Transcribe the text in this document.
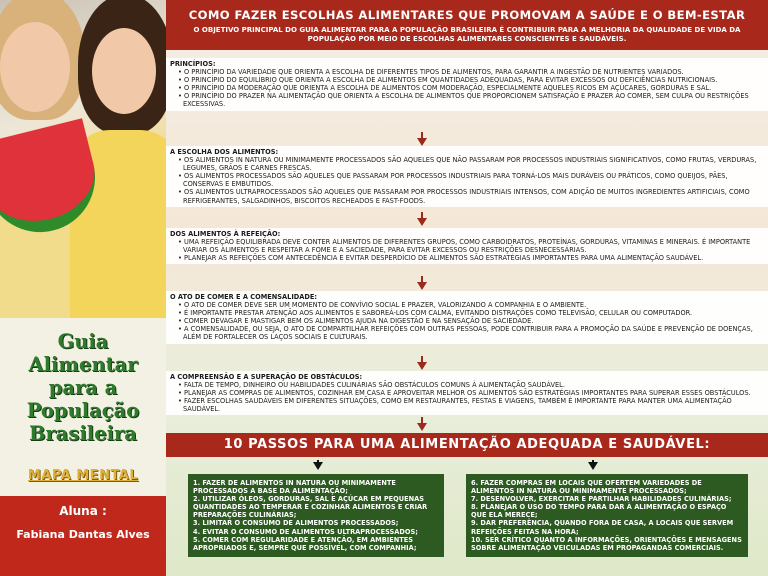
Guia
Alimentar
para a
População
Brasileira
MAPA MENTAL
Aluna :
Fabiana Dantas Alves
COMO FAZER ESCOLHAS ALIMENTARES QUE PROMOVAM A SAÚDE E O BEM-ESTAR
O OBJETIVO PRINCIPAL DO GUIA ALIMENTAR PARA A POPULAÇÃO BRASILEIRA É CONTRIBUIR PARA A MELHORIA DA QUALIDADE DE VIDA DA POPULAÇÃO POR MEIO DE ESCOLHAS ALIMENTARES CONSCIENTES E SAUDÁVEIS.
PRINCÍPIOS:
• O PRINCÍPIO DA VARIEDADE QUE ORIENTA A ESCOLHA DE DIFERENTES TIPOS DE ALIMENTOS, PARA GARANTIR A INGESTÃO DE NUTRIENTES VARIADOS.
• O PRINCÍPIO DO EQUILÍBRIO QUE ORIENTA A ESCOLHA DE ALIMENTOS EM QUANTIDADES ADEQUADAS, PARA EVITAR EXCESSOS OU DEFICIÊNCIAS NUTRICIONAIS.
• O PRINCÍPIO DA MODERAÇÃO QUE ORIENTA A ESCOLHA DE ALIMENTOS COM MODERAÇÃO, ESPECIALMENTE AQUELES RICOS EM AÇÚCARES, GORDURAS E SAL.
• O PRINCÍPIO DO PRAZER NA ALIMENTAÇÃO QUE ORIENTA A ESCOLHA DE ALIMENTOS QUE PROPORCIONEM SATISFAÇÃO E PRAZER AO COMER, SEM CULPA OU RESTRIÇÕES EXCESSIVAS.
A ESCOLHA DOS ALIMENTOS:
• OS ALIMENTOS IN NATURA OU MINIMAMENTE PROCESSADOS SÃO AQUELES QUE NÃO PASSARAM POR PROCESSOS INDUSTRIAIS SIGNIFICATIVOS, COMO FRUTAS, VERDURAS, LEGUMES, GRÃOS E CARNES FRESCAS.
• OS ALIMENTOS PROCESSADOS SÃO AQUELES QUE PASSARAM POR PROCESSOS INDUSTRIAIS PARA TORNÁ-LOS MAIS DURÁVEIS OU PRÁTICOS, COMO QUEIJOS, PÃES, CONSERVAS E EMBUTIDOS.
• OS ALIMENTOS ULTRAPROCESSADOS SÃO AQUELES QUE PASSARAM POR PROCESSOS INDUSTRIAIS INTENSOS, COM ADIÇÃO DE MUITOS INGREDIENTES ARTIFICIAIS, COMO REFRIGERANTES, SALGADINHOS, BISCOITOS RECHEADOS E FAST-FOODS.
DOS ALIMENTOS À REFEIÇÃO:
• UMA REFEIÇÃO EQUILIBRADA DEVE CONTER ALIMENTOS DE DIFERENTES GRUPOS, COMO CARBOIDRATOS, PROTEÍNAS, GORDURAS, VITAMINAS E MINERAIS. É IMPORTANTE VARIAR OS ALIMENTOS E RESPEITAR A FOME E A SACIEDADE, PARA EVITAR EXCESSOS OU RESTRIÇÕES DESNECESSÁRIAS.
• PLANEJAR AS REFEIÇÕES COM ANTECEDÊNCIA E EVITAR DESPERDÍCIO DE ALIMENTOS SÃO ESTRATÉGIAS IMPORTANTES PARA UMA ALIMENTAÇÃO SAUDÁVEL.
O ATO DE COMER E A COMENSALIDADE:
• O ATO DE COMER DEVE SER UM MOMENTO DE CONVÍVIO SOCIAL E PRAZER, VALORIZANDO A COMPANHIA E O AMBIENTE.
• É IMPORTANTE PRESTAR ATENÇÃO AOS ALIMENTOS E SABOREÁ-LOS COM CALMA, EVITANDO DISTRAÇÕES COMO TELEVISÃO, CELULAR OU COMPUTADOR.
• COMER DEVAGAR E MASTIGAR BEM OS ALIMENTOS AJUDA NA DIGESTÃO E NA SENSAÇÃO DE SACIEDADE.
• A COMENSALIDADE, OU SEJA, O ATO DE COMPARTILHAR REFEIÇÕES COM OUTRAS PESSOAS, PODE CONTRIBUIR PARA A PROMOÇÃO DA SAÚDE E PREVENÇÃO DE DOENÇAS, ALÉM DE FORTALECER OS LAÇOS SOCIAIS E CULTURAIS.
A COMPREENSÃO E A SUPERAÇÃO DE OBSTÁCULOS:
• FALTA DE TEMPO, DINHEIRO OU HABILIDADES CULINÁRIAS SÃO OBSTÁCULOS COMUNS À ALIMENTAÇÃO SAUDÁVEL.
• PLANEJAR AS COMPRAS DE ALIMENTOS, COZINHAR EM CASA E APROVEITAR MELHOR OS ALIMENTOS SÃO ESTRATÉGIAS IMPORTANTES PARA SUPERAR ESSES OBSTÁCULOS.
• FAZER ESCOLHAS SAUDÁVEIS EM DIFERENTES SITUAÇÕES, COMO EM RESTAURANTES, FESTAS E VIAGENS, TAMBÉM É IMPORTANTE PARA MANTER UMA ALIMENTAÇÃO SAUDÁVEL.
10 PASSOS PARA UMA ALIMENTAÇÃO ADEQUADA E SAUDÁVEL:
1. FAZER DE ALIMENTOS IN NATURA OU MINIMAMENTE PROCESSADOS A BASE DA ALIMENTAÇÃO;
2. UTILIZAR ÓLEOS, GORDURAS, SAL E AÇÚCAR EM PEQUENAS QUANTIDADES AO TEMPERAR E COZINHAR ALIMENTOS E CRIAR PREPARAÇÕES CULINÁRIAS;
3. LIMITAR O CONSUMO DE ALIMENTOS PROCESSADOS;
4. EVITAR O CONSUMO DE ALIMENTOS ULTRAPROCESSADOS;
5. COMER COM REGULARIDADE E ATENÇÃO, EM AMBIENTES APROPRIADOS E, SEMPRE QUE POSSÍVEL, COM COMPANHIA;
6. FAZER COMPRAS EM LOCAIS QUE OFERTEM VARIEDADES DE ALIMENTOS IN NATURA OU MINIMAMENTE PROCESSADOS;
7. DESENVOLVER, EXERCITAR E PARTILHAR HABILIDADES CULINÁRIAS;
8. PLANEJAR O USO DO TEMPO PARA DAR À ALIMENTAÇÃO O ESPAÇO QUE ELA MERECE;
9. DAR PREFERÊNCIA, QUANDO FORA DE CASA, A LOCAIS QUE SERVEM REFEIÇÕES FEITAS NA HORA;
10. SER CRÍTICO QUANTO A INFORMAÇÕES, ORIENTAÇÕES E MENSAGENS SOBRE ALIMENTAÇÃO VEICULADAS EM PROPAGANDAS COMERCIAIS.
